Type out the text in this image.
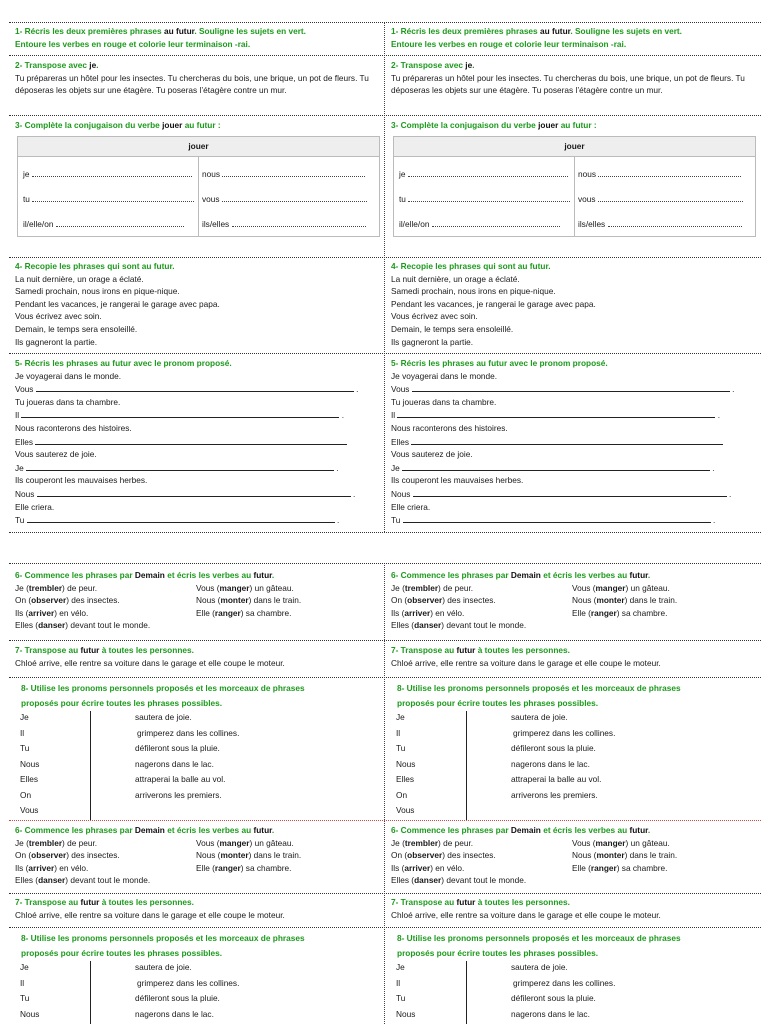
1- Récris les deux premières phrases au futur. Souligne les sujets en vert.
Entoure les verbes en rouge et colorie leur terminaison -rai.
2- Transpose avec je.
Tu prépareras un hôtel pour les insectes. Tu chercheras du bois, une brique, un pot de fleurs. Tu déposeras les objets sur une étagère. Tu poseras l’étagère contre un mur.
3- Complète la conjugaison du verbe jouer au futur :
jouer
je	nous
tu	vous
il/elle/on	ils/elles
4- Recopie les phrases qui sont au futur.
La nuit dernière, un orage a éclaté.
Samedi prochain, nous irons en pique-nique.
Pendant les vacances, je rangerai le garage avec papa.
Vous écrivez avec soin.
Demain, le temps sera ensoleillé.
Ils gagneront la partie.
5- Récris les phrases au futur avec le pronom proposé.
Je voyagerai dans le monde.
Vous	.
Tu joueras dans ta chambre.
Il	.
Nous raconterons des histoires.
Elles
Vous sauterez de joie.
Je	.
Ils couperont les mauvaises herbes.
Nous	.
Elle criera.
Tu	.
6- Commence les phrases par Demain et écris les verbes au futur.
Je (trembler) de peur.	Vous (manger) un gâteau.
On (observer) des insectes.	Nous (monter) dans le train.
Ils (arriver) en vélo.	Elle (ranger) sa chambre.
Elles (danser) devant tout le monde.
7- Transpose au futur à toutes les personnes.
Chloé arrive, elle rentre sa voiture dans le garage et elle coupe le moteur.
8- Utilise les pronoms personnels proposés et les morceaux de phrases
proposés pour écrire toutes les phrases possibles.
Je	sautera de joie.
Il	grimperez dans les collines.
Tu	défileront sous la pluie.
Nous	nagerons dans le lac.
Elles	attraperai la balle au vol.
On	arriverons les premiers.
Vous
6- Commence les phrases par Demain et écris les verbes au futur.
Je (trembler) de peur.	Vous (manger) un gâteau.
On (observer) des insectes.	Nous (monter) dans le train.
Ils (arriver) en vélo.	Elle (ranger) sa chambre.
Elles (danser) devant tout le monde.
7- Transpose au futur à toutes les personnes.
Chloé arrive, elle rentre sa voiture dans le garage et elle coupe le moteur.
8- Utilise les pronoms personnels proposés et les morceaux de phrases
proposés pour écrire toutes les phrases possibles.
Je	sautera de joie.
Il	grimperez dans les collines.
Tu	défileront sous la pluie.
Nous	nagerons dans le lac.
1- Récris les deux premières phrases au futur. Souligne les sujets en vert.
Entoure les verbes en rouge et colorie leur terminaison -rai.
2- Transpose avec je.
Tu prépareras un hôtel pour les insectes. Tu chercheras du bois, une brique, un pot de fleurs. Tu déposeras les objets sur une étagère. Tu poseras l’étagère contre un mur.
3- Complète la conjugaison du verbe jouer au futur :
jouer
je	nous
tu	vous
il/elle/on	ils/elles
4- Recopie les phrases qui sont au futur.
La nuit dernière, un orage a éclaté.
Samedi prochain, nous irons en pique-nique.
Pendant les vacances, je rangerai le garage avec papa.
Vous écrivez avec soin.
Demain, le temps sera ensoleillé.
Ils gagneront la partie.
5- Récris les phrases au futur avec le pronom proposé.
Je voyagerai dans le monde.
Vous	.
Tu joueras dans ta chambre.
Il	.
Nous raconterons des histoires.
Elles
Vous sauterez de joie.
Je	.
Ils couperont les mauvaises herbes.
Nous	.
Elle criera.
Tu	.
6- Commence les phrases par Demain et écris les verbes au futur.
Je (trembler) de peur.	Vous (manger) un gâteau.
On (observer) des insectes.	Nous (monter) dans le train.
Ils (arriver) en vélo.	Elle (ranger) sa chambre.
Elles (danser) devant tout le monde.
7- Transpose au futur à toutes les personnes.
Chloé arrive, elle rentre sa voiture dans le garage et elle coupe le moteur.
8- Utilise les pronoms personnels proposés et les morceaux de phrases
proposés pour écrire toutes les phrases possibles.
Je	sautera de joie.
Il	grimperez dans les collines.
Tu	défileront sous la pluie.
Nous	nagerons dans le lac.
Elles	attraperai la balle au vol.
On	arriverons les premiers.
Vous
6- Commence les phrases par Demain et écris les verbes au futur.
Je (trembler) de peur.	Vous (manger) un gâteau.
On (observer) des insectes.	Nous (monter) dans le train.
Ils (arriver) en vélo.	Elle (ranger) sa chambre.
Elles (danser) devant tout le monde.
7- Transpose au futur à toutes les personnes.
Chloé arrive, elle rentre sa voiture dans le garage et elle coupe le moteur.
8- Utilise les pronoms personnels proposés et les morceaux de phrases
proposés pour écrire toutes les phrases possibles.
Je	sautera de joie.
Il	grimperez dans les collines.
Tu	défileront sous la pluie.
Nous	nagerons dans le lac.
